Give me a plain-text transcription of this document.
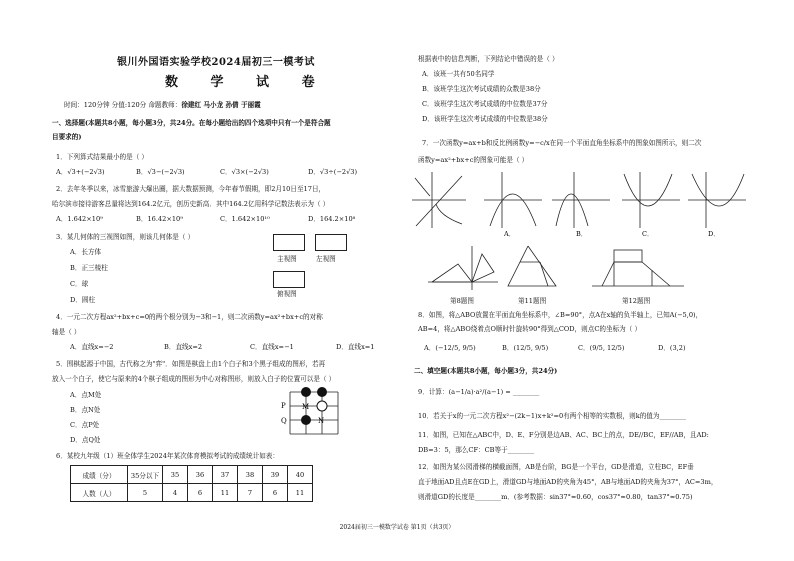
银川外国语实验学校2024届初三一模考试
数 学 试 卷
时间：120分钟 分值:120分 命题教师：徐建红 马小龙 孙倩 于丽霞
一、选择题(本题共8小题，每小题3分，共24分。在每小题给出的四个选项中只有一个是符合题
目要求的)
1．下列算式结果最小的是（ ）
A．√3+(−2√3)	B．√3−(−2√3)	C．√3×(−2√3)	D．√3÷(−2√3)
2．去年冬季以来，冰雪旅游大爆出圈，据大数据预测，今年春节假期，即2月10日至17日，
哈尔滨市接待游客总量将达到164.2亿元，创历史新高．其中164.2亿用科学记数法表示为（ ）
A．1.642×10⁹	B．16.42×10⁹	C．1.642×10¹⁰	D．164.2×10⁸
3．某几何体的三视图如图，则该几何体是（ ）
A．长方体
B．正三棱柱
C．球
D．圆柱
主视图	左视图
俯视图
4．一元二次方程ax²+bx+c=0的两个根分别为−3和−1，则二次函数y=ax²+bx+c的对称
轴是（ ）
A．直线x=−2	B．直线x=2	C．直线x=−1	D．直线x=1
5．围棋起源于中国，古代称之为"弈"．如图是棋盘上由1个白子和3个黑子组成的图形，若再
放入一个白子，使它与原来的4个棋子组成的图形为中心对称图形，则放入白子的位置可以是（ ）
A．点M处
B．点N处
C．点P处
D．点Q处
P M
Q	N
6．某校九年级（1）班全体学生2024年某次体育模拟考试的成绩统计如表：
成绩（分）	35分以下	35	36	37	38	39	40
人数（人）	5	4	6	11	7	6	11
根据表中的信息判断，下列结论中错误的是（ ）
A．该班一共有50名同学
B．该班学生这次考试成绩的众数是38分
C．该班学生这次考试成绩的中位数是37分
D．该班学生这次考试成绩的中位数是38分
7．一次函数y=ax+b和反比例函数y=−c/x在同一个平面直角坐标系中的图象如图所示，则二次
函数y=ax²+bx+c的图象可能是（ ）
A．	B．	C．	D．
第8题图	第11题图	第12题图
8．如图，将△ABO放置在平面直角坐标系中，∠B=90°，点A在x轴的负半轴上，已知A(−5,0)，
AB=4，将△ABO绕着点O顺时针旋转90°得到△COD，则点C的坐标为（ ）
A．(−12/5, 9/5)	B．(12/5, 9/5)	C．(9/5, 12/5)	D．(3,2)
二、填空题(本题共8小题，每小题3分，共24分)
9．计算：(a−1/a)·a²/(a−1) = ________
10．若关于x的一元二次方程x²−(2k−1)x+k²=0有两个相等的实数根，则k的值为________
11．如图，已知在△ABC中，D、E、F分别是边AB、AC、BC上的点，DE//BC，EF//AB，且AD:
DB=3：5，那么CF：CB等于________
12．如图为某公园滑梯的横截面图，AB是台阶，BG是一个平台，GD是滑道，立柱BC，EF垂
直于地面AD且点E在GD上，滑道GD与地面AD的夹角为45°，AB与地面AD的夹角为37°，AC=3m，
则滑道GD的长度是________m．(参考数据：sin37°≈0.60，cos37°≈0.80，tan37°≈0.75)
2024届初三一模数学试卷 第1页（共3页）
